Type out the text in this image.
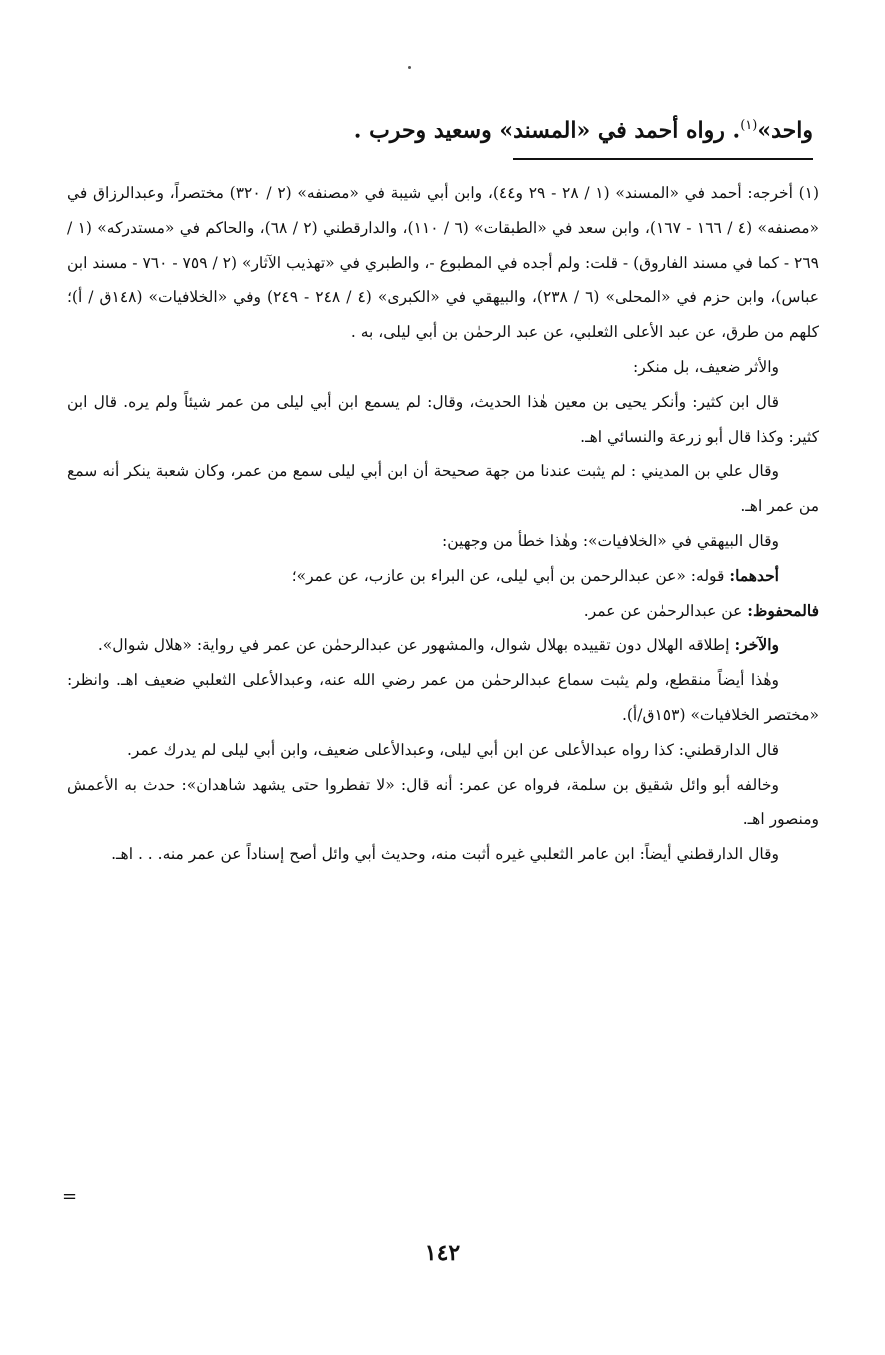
واحد»$^{(١)}$. رواه أحمد في «المسند» وسعيد وحرب .

(١) أخرجه: أحمد في «المسند» (١ / ٢٨ - ٢٩ و٤٤)، وابن أبي شيبة في «مصنفه» (٢ / ٣٢٠) مختصراً، وعبدالرزاق في «مصنفه» (٤ / ١٦٦ - ١٦٧)، وابن سعد في «الطبقات» (٦ / ١١٠)، والدارقطني (٢ / ٦٨)، والحاكم في «مستدركه» (١ / ٢٦٩ - كما في مسند الفاروق) - قلت: ولم أجده في المطبوع -، والطبري في «تهذيب الآثار» (٢ / ٧٥٩ - ٧٦٠ - مسند ابن عباس)، وابن حزم في «المحلى» (٦ / ٢٣٨)، والبيهقي في «الكبرى» (٤ / ٢٤٨ - ٢٤٩) وفي «الخلافيات» (١٤٨ق / أ)؛ كلهم من طرق، عن عبد الأعلى الثعلبي، عن عبد الرحمٰن بن أبي ليلى، به .

والأثر ضعيف، بل منكر:

قال ابن كثير: وأنكر يحيى بن معين هٰذا الحديث، وقال: لم يسمع ابن أبي ليلى من عمر شيئاً ولم يره. قال ابن كثير: وكذا قال أبو زرعة والنسائي اهـ.

وقال علي بن المديني : لم يثبت عندنا من جهة صحيحة أن ابن أبي ليلى سمع من عمر، وكان شعبة ينكر أنه سمع من عمر اهـ.

وقال البيهقي في «الخلافيات»: وهٰذا خطأ من وجهين:

أحدهما: قوله: «عن عبدالرحمن بن أبي ليلى، عن البراء بن عازب، عن عمر»؛

فالمحفوظ: عن عبدالرحمٰن عن عمر.

والآخر: إطلاقه الهلال دون تقييده بهلال شوال، والمشهور عن عبدالرحمٰن عن عمر في رواية: «هلال شوال».

وهٰذا أيضاً منقطع، ولم يثبت سماع عبدالرحمٰن من عمر رضي الله عنه، وعبدالأعلى الثعلبي ضعيف اهـ. وانظر: «مختصر الخلافيات» (١٥٣ق/أ).

قال الدارقطني: كذا رواه عبدالأعلى عن ابن أبي ليلى، وعبدالأعلى ضعيف، وابن أبي ليلى لم يدرك عمر.

وخالفه أبو وائل شقيق بن سلمة، فرواه عن عمر: أنه قال: «لا تفطروا حتى يشهد شاهدان»: حدث به الأعمش ومنصور اهـ.

وقال الدارقطني أيضاً: ابن عامر الثعلبي غيره أثبت منه، وحديث أبي وائل أصح إسناداً عن عمر منه. . . اهـ.

=
١٤٢
